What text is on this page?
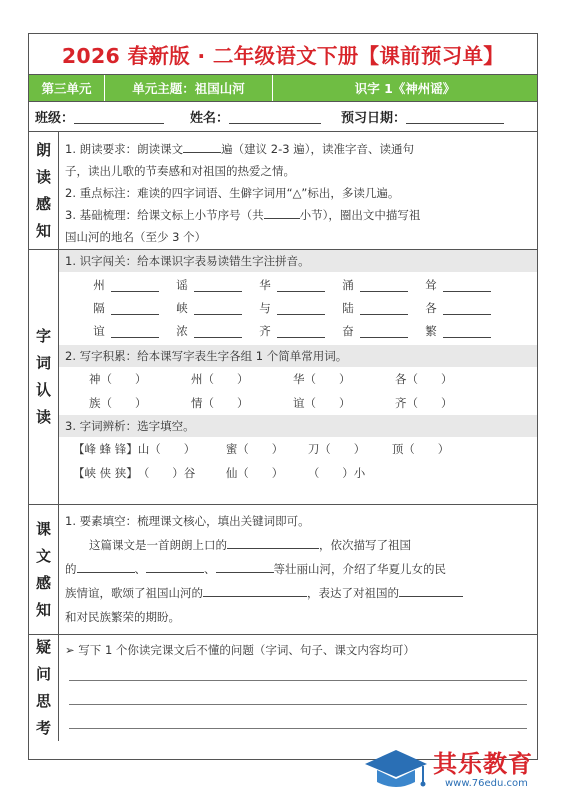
2026 春新版 · 二年级语文下册【课前预习单】
第三单元	单元主题：祖国山河	识字 1《神州谣》
班级：	姓名：	预习日期：
朗
读
感
知
1. 朗读要求：朗读课文	遍（建议 2-3 遍），读准字音、读通句
子，读出儿歌的节奏感和对祖国的热爱之情。
2. 重点标注：难读的四字词语、生僻字词用“△”标出，多读几遍。
3. 基础梳理：给课文标上小节序号（共	小节），圈出文中描写祖
国山河的地名（至少 3 个）
字
词
认
读
1. 识字闯关：给本课识字表易读错生字注拼音。
州	谣	华	涌	耸
隔	峡	与	陆	各
谊	浓	齐	奋	繁
2. 写字积累：给本课写字表生字各组 1 个简单常用词。
神（　　）	州（　　）	华（　　）	各（　　）
族（　　）	情（　　）	谊（　　）	齐（　　）
3. 字词辨析：选字填空。
【峰 蜂 锋】 山（　　）	蜜（　　）	刀（　　）	顶（　　）
【峡 侠 狭】 （　　）谷	仙（　　）	（　　）小
课
文
感
知
1. 要素填空：梳理课文核心，填出关键词即可。
这篇课文是一首朗朗上口的	，依次描写了祖国
的	、	、	等壮丽山河，介绍了华夏儿女的民
族情谊，歌颂了祖国山河的	，表达了对祖国的
和对民族繁荣的期盼。
疑
问
思
考
➢ 写下 1 个你读完课文后不懂的问题（字词、句子、课文内容均可）
其乐教育
www.76edu.com
